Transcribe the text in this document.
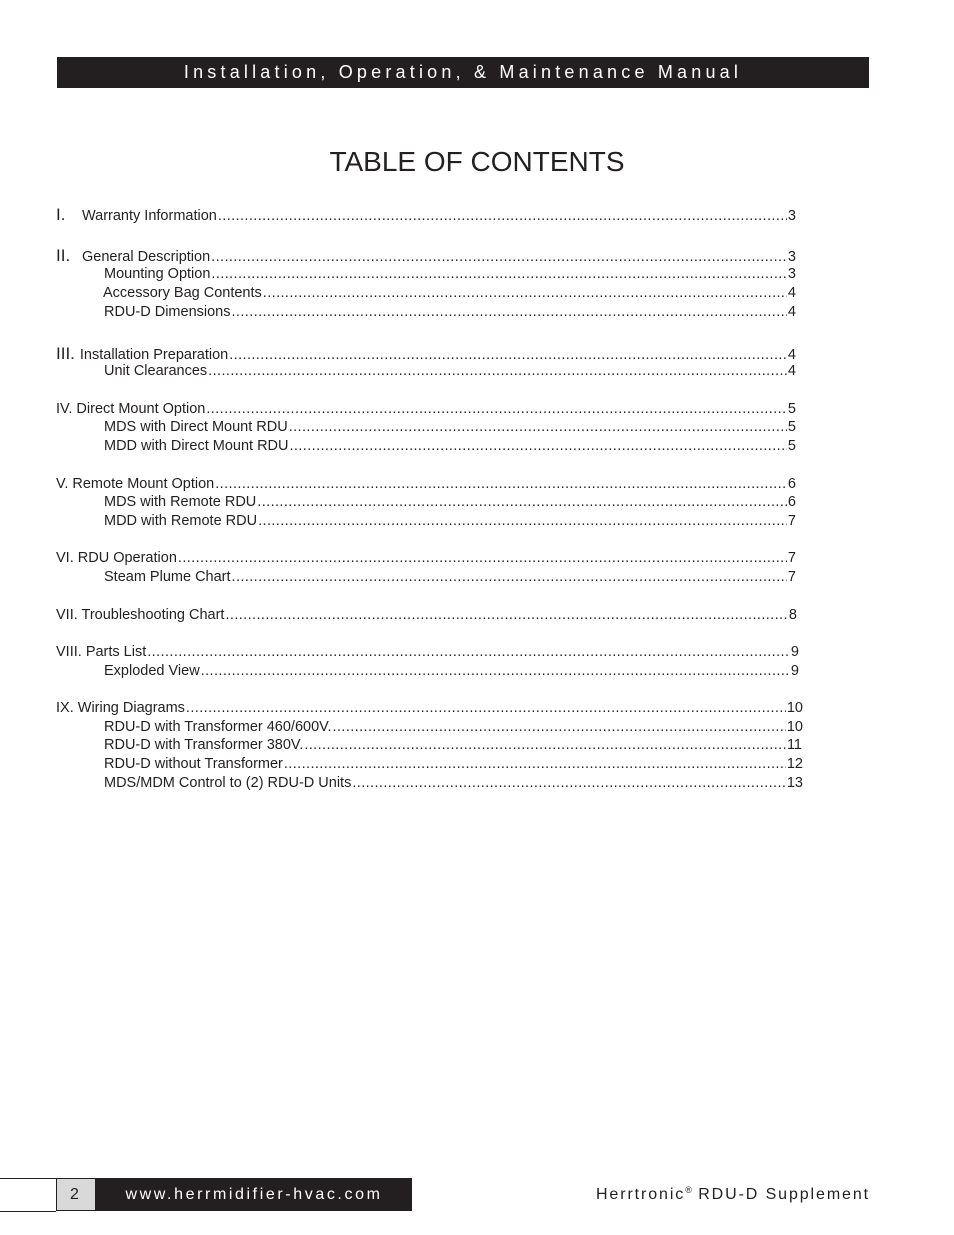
Installation, Operation, & Maintenance Manual
TABLE OF CONTENTS
I. Warranty Information .....	3
II. General Description .....	3
Mounting Option .....	3
Accessory Bag Contents .....	4
RDU-D Dimensions .....	4
III. Installation Preparation .....	4
Unit Clearances .....	4
IV. Direct Mount Option .....	5
MDS with Direct Mount RDU .....	5
MDD with Direct Mount RDU .....	5
V. Remote Mount Option .....	6
MDS with Remote RDU .....	6
MDD with Remote RDU .....	7
VI. RDU Operation .....	7
Steam Plume Chart .....	7
VII. Troubleshooting Chart .....	8
VIII. Parts List .....	9
Exploded View .....	9
IX. Wiring Diagrams .....	10
RDU-D with Transformer 460/600V. .....	10
RDU-D with Transformer 380V. .....	11
RDU-D without Transformer .....	12
MDS/MDM Control to (2) RDU-D Units .....	13
2	www.herrmidifier-hvac.com	Herrtronic® RDU-D Supplement
